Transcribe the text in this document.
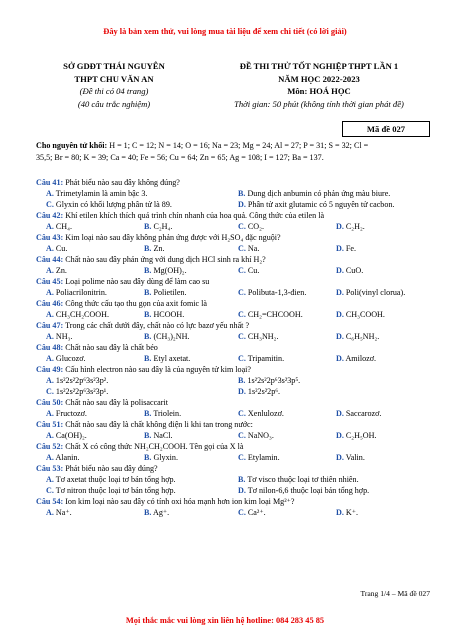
Đây là bản xem thử, vui lòng mua tài liệu để xem chi tiết (có lời giải)
SỞ GDĐT THÁI NGUYÊN
THPT CHU VĂN AN
(Đề thi có 04 trang)
(40 câu trắc nghiệm)
ĐỀ THI THỬ TỐT NGHIỆP THPT LẦN 1
NĂM HỌC 2022-2023
Môn: HOÁ HỌC
Thời gian: 50 phút (không tính thời gian phát đề)
Mã đề 027
Cho nguyên tử khối: H = 1; C = 12; N = 14; O = 16; Na = 23; Mg = 24; Al = 27; P = 31; S = 32; Cl =
35,5; Br = 80; K = 39; Ca = 40; Fe = 56; Cu = 64; Zn = 65; Ag = 108; I = 127; Ba = 137.
Câu 41: Phát biểu nào sau đây không đúng?
A. Trimetylamin là amin bậc 3.	B. Dung dịch anbumin có phản ứng màu biure.
C. Glyxin có khối lượng phân tử là 89.	D. Phân tử axit glutamic có 5 nguyên tử cacbon.
Câu 42: Khí etilen khích thích quá trình chín nhanh của hoa quả. Công thức của etilen là
A. CH₄.	B. C₂H₄.	C. CO₂.	D. C₂H₂.
Câu 43: Kim loại nào sau đây không phản ứng được với H₂SO₄ đặc nguội?
A. Cu.	B. Zn.	C. Na.	D. Fe.
Câu 44: Chất nào sau đây phản ứng với dung dịch HCl sinh ra khí H₂?
A. Zn.	B. Mg(OH)₂.	C. Cu.	D. CuO.
Câu 45: Loại polime nào sau đây dùng để làm cao su
A. Poliacrilonitrin.	B. Polietilen.	C. Polibuta-1,3-đien.	D. Poli(vinyl clorua).
Câu 46: Công thức cấu tạo thu gọn của axit fomic là
A. CH₃CH₂COOH.	B. HCOOH.	C. CH₂=CHCOOH.	D. CH₃COOH.
Câu 47: Trong các chất dưới đây, chất nào có lực bazơ yếu nhất ?
A. NH₃.	B. (CH₃)₂NH.	C. CH₃NH₂.	D. C₆H₅NH₂.
Câu 48: Chất nào sau đây là chất béo
A. Glucozơ.	B. Etyl axetat.	C. Tripamitin.	D. Amilozơ.
Câu 49: Cấu hình electron nào sau đây là của nguyên tử kim loại?
A. 1s²2s²2p⁶3s²3p².	B. 1s²2s²2p⁶3s²3p⁵.
C. 1s²2s²2p⁶3s²3p¹.	D. 1s²2s²2p⁶.
Câu 50: Chất nào sau đây là polisaccarit
A. Fructozơ.	B. Triolein.	C. Xenlulozơ.	D. Saccarozơ.
Câu 51: Chất nào sau đây là chất không điện li khi tan trong nước:
A. Ca(OH)₂.	B. NaCl.	C. NaNO₃.	D. C₂H₅OH.
Câu 52: Chất X có công thức NH₂CH₂COOH. Tên gọi của X là
A. Alanin.	B. Glyxin.	C. Etylamin.	D. Valin.
Câu 53: Phát biểu nào sau đây đúng?
A. Tơ axetat thuộc loại tơ bán tổng hợp.	B. Tơ visco thuộc loại tơ thiên nhiên.
C. Tơ nitron thuộc loại tơ bán tổng hợp.	D. Tơ nilon-6,6 thuộc loại bán tổng hợp.
Câu 54: Ion kim loại nào sau đây có tính oxi hóa mạnh hơn ion kim loại Mg²⁺?
A. Na⁺.	B. Ag⁺.	C. Ca²⁺.	D. K⁺.
Trang 1/4 – Mã đề 027
Mọi thắc mắc vui lòng xin liên hệ hotline: 084 283 45 85
